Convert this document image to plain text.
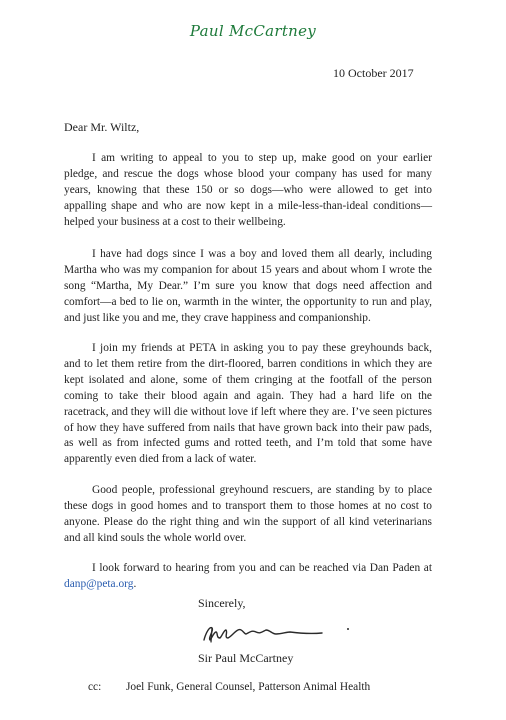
Paul McCartney
10 October 2017
Dear Mr. Wiltz,

I am writing to appeal to you to step up, make good on your earlier pledge, and rescue the dogs whose blood your company has used for many years, knowing that these 150 or so dogs—who were allowed to get into appalling shape and who are now kept in a mile-less-than-ideal conditions—helped your business at a cost to their wellbeing.

I have had dogs since I was a boy and loved them all dearly, including Martha who was my companion for about 15 years and about whom I wrote the song “Martha, My Dear.” I’m sure you know that dogs need affection and comfort—a bed to lie on, warmth in the winter, the opportunity to run and play, and just like you and me, they crave happiness and companionship.

I join my friends at PETA in asking you to pay these greyhounds back, and to let them retire from the dirt-floored, barren conditions in which they are kept isolated and alone, some of them cringing at the footfall of the person coming to take their blood again and again. They had a hard life on the racetrack, and they will die without love if left where they are. I’ve seen pictures of how they have suffered from nails that have grown back into their paw pads, as well as from infected gums and rotted teeth, and I’m told that some have apparently even died from a lack of water.

Good people, professional greyhound rescuers, are standing by to place these dogs in good homes and to transport them to those homes at no cost to anyone. Please do the right thing and win the support of all kind veterinarians and all kind souls the whole world over.

I look forward to hearing from you and can be reached via Dan Paden at danp@peta.org.

Sincerely,
Sir Paul McCartney
cc: Joel Funk, General Counsel, Patterson Animal Health
